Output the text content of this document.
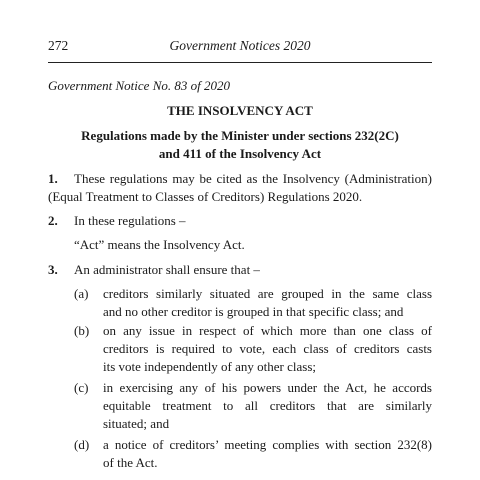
272	Government Notices 2020
Government Notice No. 83 of 2020
THE INSOLVENCY ACT
Regulations made by the Minister under sections 232(2C)
and 411 of the Insolvency Act
1. These regulations may be cited as the Insolvency (Administration)
(Equal Treatment to Classes of Creditors) Regulations 2020.
2. In these regulations –
“Act” means the Insolvency Act.
3. An administrator shall ensure that –
(a) creditors similarly situated are grouped in the same class
and no other creditor is grouped in that specific class; and
(b) on any issue in respect of which more than one class of
creditors is required to vote, each class of creditors casts
its vote independently of any other class;
(c) in exercising any of his powers under the Act, he accords
equitable treatment to all creditors that are similarly
situated; and
(d) a notice of creditors’ meeting complies with section 232(8)
of the Act.
